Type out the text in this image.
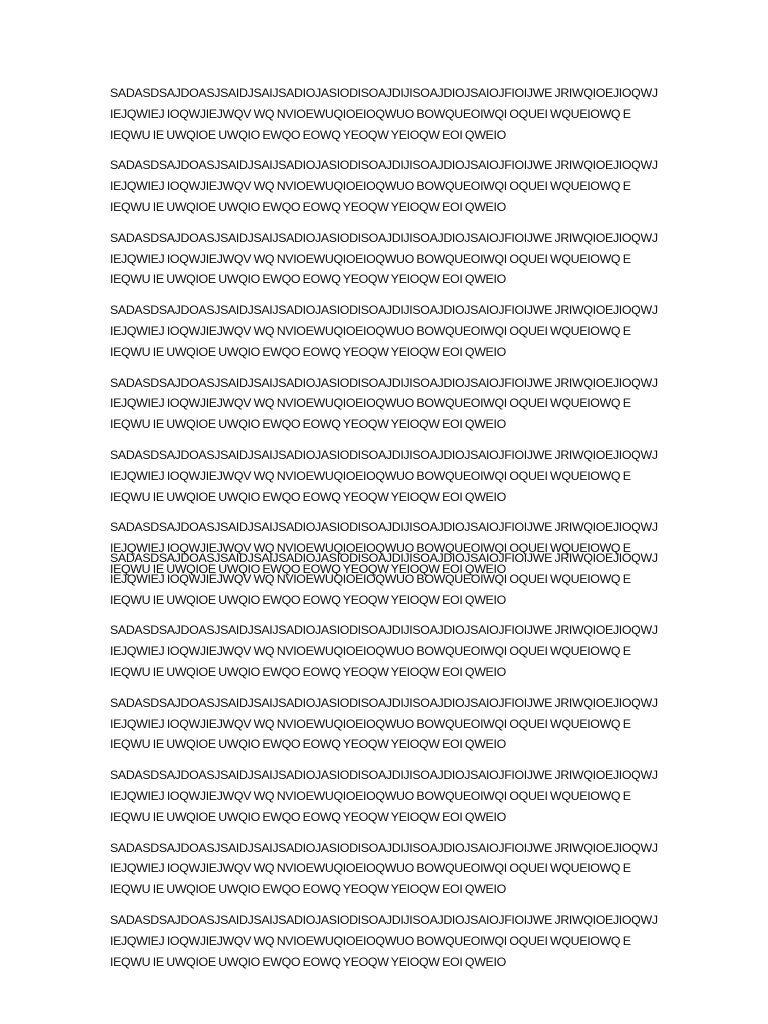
SADASDSAJDOASJSAIDJSAIJSADIOJASIODISOAJDIJISOAJDIOJSAIOJFIOIJWE JRIWQIOEJIOQWJ
IEJQWIEJ IOQWJIEJWQV WQ NVIOEWUQIOEIOQWUO BOWQUEOIWQI OQUEI WQUEIOWQ E
IEQWU IE UWQIOE UWQIO EWQO EOWQ YEOQW YEIOQW EOI QWEIO

SADASDSAJDOASJSAIDJSAIJSADIOJASIODISOAJDIJISOAJDIOJSAIOJFIOIJWE JRIWQIOEJIOQWJ
IEJQWIEJ IOQWJIEJWQV WQ NVIOEWUQIOEIOQWUO BOWQUEOIWQI OQUEI WQUEIOWQ E
IEQWU IE UWQIOE UWQIO EWQO EOWQ YEOQW YEIOQW EOI QWEIO

SADASDSAJDOASJSAIDJSAIJSADIOJASIODISOAJDIJISOAJDIOJSAIOJFIOIJWE JRIWQIOEJIOQWJ
IEJQWIEJ IOQWJIEJWQV WQ NVIOEWUQIOEIOQWUO BOWQUEOIWQI OQUEI WQUEIOWQ E
IEQWU IE UWQIOE UWQIO EWQO EOWQ YEOQW YEIOQW EOI QWEIO

SADASDSAJDOASJSAIDJSAIJSADIOJASIODISOAJDIJISOAJDIOJSAIOJFIOIJWE JRIWQIOEJIOQWJ
IEJQWIEJ IOQWJIEJWQV WQ NVIOEWUQIOEIOQWUO BOWQUEOIWQI OQUEI WQUEIOWQ E
IEQWU IE UWQIOE UWQIO EWQO EOWQ YEOQW YEIOQW EOI QWEIO

SADASDSAJDOASJSAIDJSAIJSADIOJASIODISOAJDIJISOAJDIOJSAIOJFIOIJWE JRIWQIOEJIOQWJ
IEJQWIEJ IOQWJIEJWQV WQ NVIOEWUQIOEIOQWUO BOWQUEOIWQI OQUEI WQUEIOWQ E
IEQWU IE UWQIOE UWQIO EWQO EOWQ YEOQW YEIOQW EOI QWEIO

SADASDSAJDOASJSAIDJSAIJSADIOJASIODISOAJDIJISOAJDIOJSAIOJFIOIJWE JRIWQIOEJIOQWJ
IEJQWIEJ IOQWJIEJWQV WQ NVIOEWUQIOEIOQWUO BOWQUEOIWQI OQUEI WQUEIOWQ E
IEQWU IE UWQIOE UWQIO EWQO EOWQ YEOQW YEIOQW EOI QWEIO

SADASDSAJDOASJSAIDJSAIJSADIOJASIODISOAJDIJISOAJDIOJSAIOJFIOIJWE JRIWQIOEJIOQWJ
IEJQWIEJ IOQWJIEJWQV WQ NVIOEWUQIOEIOQWUO BOWQUEOIWQI OQUEI WQUEIOWQ E
IEQWU IE UWQIOE UWQIO EWQO EOWQ YEOQW YEIOQW EOI QWEIO

SADASDSAJDOASJSAIDJSAIJSADIOJASIODISOAJDIJISOAJDIOJSAIOJFIOIJWE JRIWQIOEJIOQWJ
IEJQWIEJ IOQWJIEJWQV WQ NVIOEWUQIOEIOQWUO BOWQUEOIWQI OQUEI WQUEIOWQ E
IEQWU IE UWQIOE UWQIO EWQO EOWQ YEOQW YEIOQW EOI QWEIO

SADASDSAJDOASJSAIDJSAIJSADIOJASIODISOAJDIJISOAJDIOJSAIOJFIOIJWE JRIWQIOEJIOQWJ
IEJQWIEJ IOQWJIEJWQV WQ NVIOEWUQIOEIOQWUO BOWQUEOIWQI OQUEI WQUEIOWQ E
IEQWU IE UWQIOE UWQIO EWQO EOWQ YEOQW YEIOQW EOI QWEIO

SADASDSAJDOASJSAIDJSAIJSADIOJASIODISOAJDIJISOAJDIOJSAIOJFIOIJWE JRIWQIOEJIOQWJ
IEJQWIEJ IOQWJIEJWQV WQ NVIOEWUQIOEIOQWUO BOWQUEOIWQI OQUEI WQUEIOWQ E
IEQWU IE UWQIOE UWQIO EWQO EOWQ YEOQW YEIOQW EOI QWEIO

SADASDSAJDOASJSAIDJSAIJSADIOJASIODISOAJDIJISOAJDIOJSAIOJFIOIJWE JRIWQIOEJIOQWJ
IEJQWIEJ IOQWJIEJWQV WQ NVIOEWUQIOEIOQWUO BOWQUEOIWQI OQUEI WQUEIOWQ E
IEQWU IE UWQIOE UWQIO EWQO EOWQ YEOQW YEIOQW EOI QWEIO

SADASDSAJDOASJSAIDJSAIJSADIOJASIODISOAJDIJISOAJDIOJSAIOJFIOIJWE JRIWQIOEJIOQWJ
IEJQWIEJ IOQWJIEJWQV WQ NVIOEWUQIOEIOQWUO BOWQUEOIWQI OQUEI WQUEIOWQ E
IEQWU IE UWQIOE UWQIO EWQO EOWQ YEOQW YEIOQW EOI QWEIO

SADASDSAJDOASJSAIDJSAIJSADIOJASIODISOAJDIJISOAJDIOJSAIOJFIOIJWE JRIWQIOEJIOQWJ
IEJQWIEJ IOQWJIEJWQV WQ NVIOEWUQIOEIOQWUO BOWQUEOIWQI OQUEI WQUEIOWQ E
IEQWU IE UWQIOE UWQIO EWQO EOWQ YEOQW YEIOQW EOI QWEIO
